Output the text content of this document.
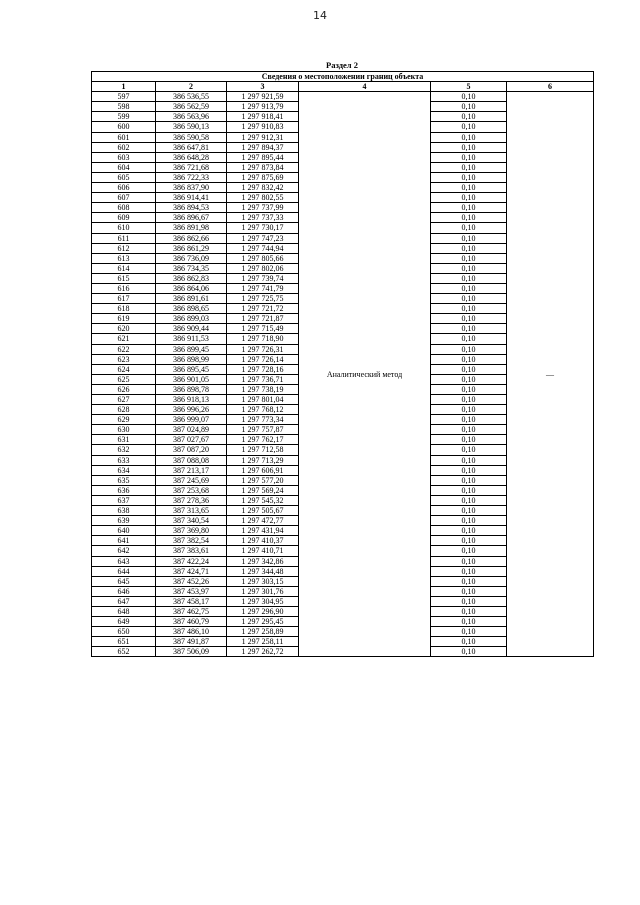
14
Раздел 2
Сведения о местоположении границ объекта					
1	2	3	4	5	6
597	386 536,55	1 297 921,59	Аналитический метод	0,10	—
598	386 562,59	1 297 913,79		0,10	
599	386 563,96	1 297 918,41		0,10	
600	386 590,13	1 297 910,83		0,10	
601	386 590,58	1 297 912,31		0,10	
602	386 647,81	1 297 894,37		0,10	
603	386 648,28	1 297 895,44		0,10	
604	386 721,68	1 297 873,84		0,10	
605	386 722,33	1 297 875,69		0,10	
606	386 837,90	1 297 832,42		0,10	
607	386 914,41	1 297 802,55		0,10	
608	386 894,53	1 297 737,99		0,10	
609	386 896,67	1 297 737,33		0,10	
610	386 891,98	1 297 730,17		0,10	
611	386 862,66	1 297 747,23		0,10	
612	386 861,29	1 297 744,94		0,10	
613	386 736,09	1 297 805,66		0,10	
614	386 734,35	1 297 802,06		0,10	
615	386 862,83	1 297 739,74		0,10	
616	386 864,06	1 297 741,79		0,10	
617	386 891,61	1 297 725,75		0,10	
618	386 898,65	1 297 721,72		0,10	
619	386 899,03	1 297 721,87		0,10	
620	386 909,44	1 297 715,49		0,10	
621	386 911,53	1 297 718,90		0,10	
622	386 899,45	1 297 726,31		0,10	
623	386 898,99	1 297 726,14		0,10	
624	386 895,45	1 297 728,16		0,10	
625	386 901,05	1 297 736,71		0,10	
626	386 898,78	1 297 738,19		0,10	
627	386 918,13	1 297 801,04		0,10	
628	386 996,26	1 297 768,12		0,10	
629	386 999,07	1 297 773,34		0,10	
630	387 024,89	1 297 757,87		0,10	
631	387 027,67	1 297 762,17		0,10	
632	387 087,20	1 297 712,58		0,10	
633	387 088,08	1 297 713,29		0,10	
634	387 213,17	1 297 606,91		0,10	
635	387 245,69	1 297 577,20		0,10	
636	387 253,68	1 297 569,24		0,10	
637	387 278,36	1 297 545,32		0,10	
638	387 313,65	1 297 505,67		0,10	
639	387 340,54	1 297 472,77		0,10	
640	387 369,80	1 297 431,94		0,10	
641	387 382,54	1 297 410,37		0,10	
642	387 383,61	1 297 410,71		0,10	
643	387 422,24	1 297 342,86		0,10	
644	387 424,71	1 297 344,48		0,10	
645	387 452,26	1 297 303,15		0,10	
646	387 453,97	1 297 301,76		0,10	
647	387 458,17	1 297 304,95		0,10	
648	387 462,75	1 297 296,90		0,10	
649	387 460,79	1 297 295,45		0,10	
650	387 486,10	1 297 258,89		0,10	
651	387 491,87	1 297 258,11		0,10	
652	387 506,09	1 297 262,72		0,10	
